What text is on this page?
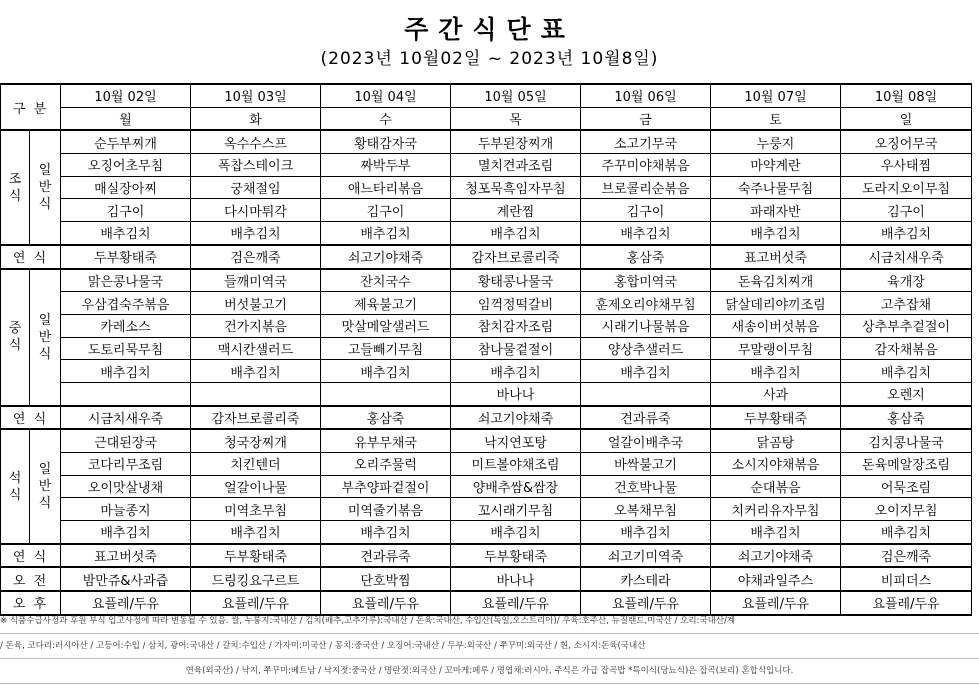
주간식단표
(2023년 10월02일 ~ 2023년 10월8일)
구 분		10월 02일	10월 03일	10월 04일	10월 05일	10월 06일	10월 07일	10월 08일
		월	화	수	목	금	토	일
조
식	일
반
식	순두부찌개	옥수수스프	황태감자국	두부된장찌개	소고기무국	누룽지	오징어무국
		오징어초무침	폭찹스테이크	짜박두부	멸치견과조림	주꾸미야채볶음	마약계란	우사태찜
		매실장아찌	궁채절임	애느타리볶음	청포묵흑임자무침	브로콜리순볶음	숙주나물무침	도라지오이무침
		김구이	다시마튀각	김구이	계란찜	김구이	파래자반	김구이
		배추김치	배추김치	배추김치	배추김치	배추김치	배추김치	배추김치
연 식		두부황태죽	검은깨죽	쇠고기야채죽	감자브로콜리죽	홍삼죽	표고버섯죽	시금치새우죽
중
식	일
반
식	맑은콩나물국	들깨미역국	잔치국수	황태콩나물국	홍합미역국	돈육김치찌개	육개장
		우삼겹숙주볶음	버섯불고기	제육불고기	임꺽정떡갈비	훈제오리야채무침	닭살데리야끼조림	고추잡채
		카레소스	건가지볶음	맛살메알샐러드	참치감자조림	시래기나물볶음	새송이버섯볶음	상추부추겉절이
		도토리묵무침	맥시칸샐러드	고들빼기무침	참나물겉절이	양상추샐러드	무말랭이무침	감자채볶음
		배추김치	배추김치	배추김치	배추김치	배추김치	배추김치	배추김치
					바나나		사과	오렌지
연 식		시금치새우죽	감자브로콜리죽	홍삼죽	쇠고기야채죽	견과류죽	두부황태죽	홍삼죽
석
식	일
반
식	근대된장국	청국장찌개	유부무채국	낙지연포탕	얼갈이배추국	닭곰탕	김치콩나물국
		코다리무조림	치킨텐더	오리주물럭	미트볼야채조림	바싹불고기	소시지야채볶음	돈육메알장조림
		오이맛살냉채	얼갈이나물	부추양파겉절이	양배추쌈&쌈장	건호박나물	순대볶음	어묵조림
		마늘종지	미역초무침	미역줄기볶음	꼬시래기무침	오복채무침	치커리유자무침	오이지무침
		배추김치	배추김치	배추김치	배추김치	배추김치	배추김치	배추김치
연 식		표고버섯죽	두부황태죽	견과류죽	두부황태죽	쇠고기미역죽	쇠고기야채죽	검은깨죽
오 전		밤만쥬&사과즙	드링킹요구르트	단호박찜	바나나	카스테라	야채과일주스	비피더스
오 후		요플레/두유	요플레/두유	요플레/두유	요플레/두유	요플레/두유	요플레/두유	요플레/두유
※ 식품수급사정과 후원 부식 입고사정에 따라 변동될 수 있음. 쌀, 누룽지:국내산 / 김치(배추,고추가루):국내산 / 돈육:국내산, 수입산(독일,오스트리아)/ 우육:호주산, 뉴질랜드,미국산 / 오리:국내산/계
/ 돈육, 코다리:러시아산 / 고등어:수입 / 삼치, 광어:국내산 / 갈치:수입산 / 가자미:미국산 / 꽁치:중국산 / 오징어:국내산 / 두부:외국산 / 쭈꾸미:외국산 / 흰, 소시지:돈육(국내산
연육(외국산) / 낙지, 쭈꾸미:베트남 / 낙지젓:중국산 / 명란젓:외국산 / 꼬마게:페루 / 명엽채:러시아, 주식은 가급 잡곡밥 *특이식(당뇨식)은 잡곡(보리) 혼합식입니다.
